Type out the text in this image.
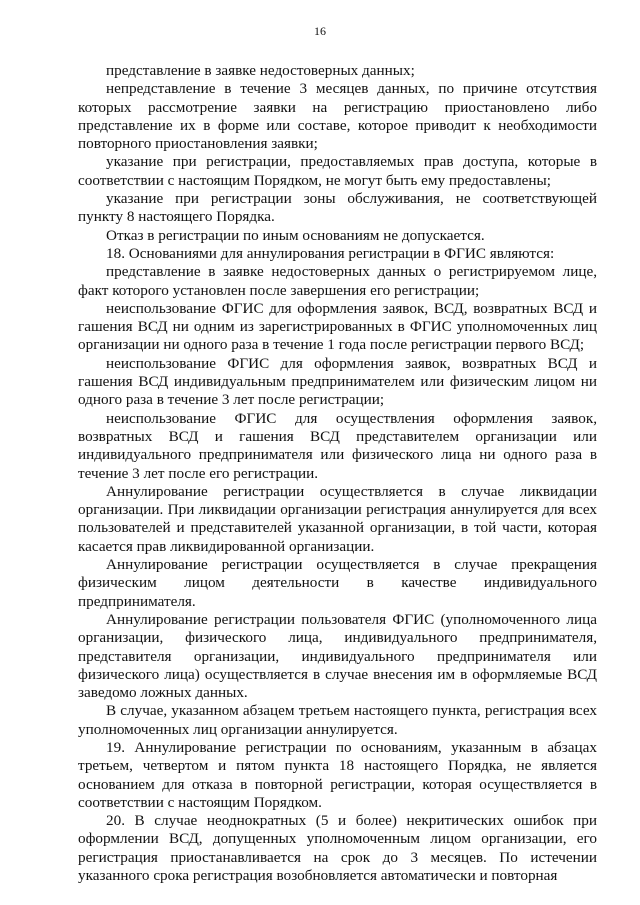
16

представление в заявке недостоверных данных;

непредставление в течение 3 месяцев данных, по причине отсутствия которых рассмотрение заявки на регистрацию приостановлено либо представление их в форме или составе, которое приводит к необходимости повторного приостановления заявки;

указание при регистрации, предоставляемых прав доступа, которые в соответствии с настоящим Порядком, не могут быть ему предоставлены;

указание при регистрации зоны обслуживания, не соответствующей пункту 8 настоящего Порядка.

Отказ в регистрации по иным основаниям не допускается.

18. Основаниями для аннулирования регистрации в ФГИС являются:

представление в заявке недостоверных данных о регистрируемом лице, факт которого установлен после завершения его регистрации;

неиспользование ФГИС для оформления заявок, ВСД, возвратных ВСД и гашения ВСД ни одним из зарегистрированных в ФГИС уполномоченных лиц организации ни одного раза в течение 1 года после регистрации первого ВСД;

неиспользование ФГИС для оформления заявок, возвратных ВСД и гашения ВСД индивидуальным предпринимателем или физическим лицом ни одного раза в течение 3 лет после регистрации;

неиспользование ФГИС для осуществления оформления заявок, возвратных ВСД и гашения ВСД представителем организации или индивидуального предпринимателя или физического лица ни одного раза в течение 3 лет после его регистрации.

Аннулирование регистрации осуществляется в случае ликвидации организации. При ликвидации организации регистрация аннулируется для всех пользователей и представителей указанной организации, в той части, которая касается прав ликвидированной организации.

Аннулирование регистрации осуществляется в случае прекращения физическим лицом деятельности в качестве индивидуального предпринимателя.

Аннулирование регистрации пользователя ФГИС (уполномоченного лица организации, физического лица, индивидуального предпринимателя, представителя организации, индивидуального предпринимателя или физического лица) осуществляется в случае внесения им в оформляемые ВСД заведомо ложных данных.

В случае, указанном абзацем третьем настоящего пункта, регистрация всех уполномоченных лиц организации аннулируется.

19. Аннулирование регистрации по основаниям, указанным в абзацах третьем, четвертом и пятом пункта 18 настоящего Порядка, не является основанием для отказа в повторной регистрации, которая осуществляется в соответствии с настоящим Порядком.

20. В случае неоднократных (5 и более) некритических ошибок при оформлении ВСД, допущенных уполномоченным лицом организации, его регистрация приостанавливается на срок до 3 месяцев. По истечении указанного срока регистрация возобновляется автоматически и повторная
